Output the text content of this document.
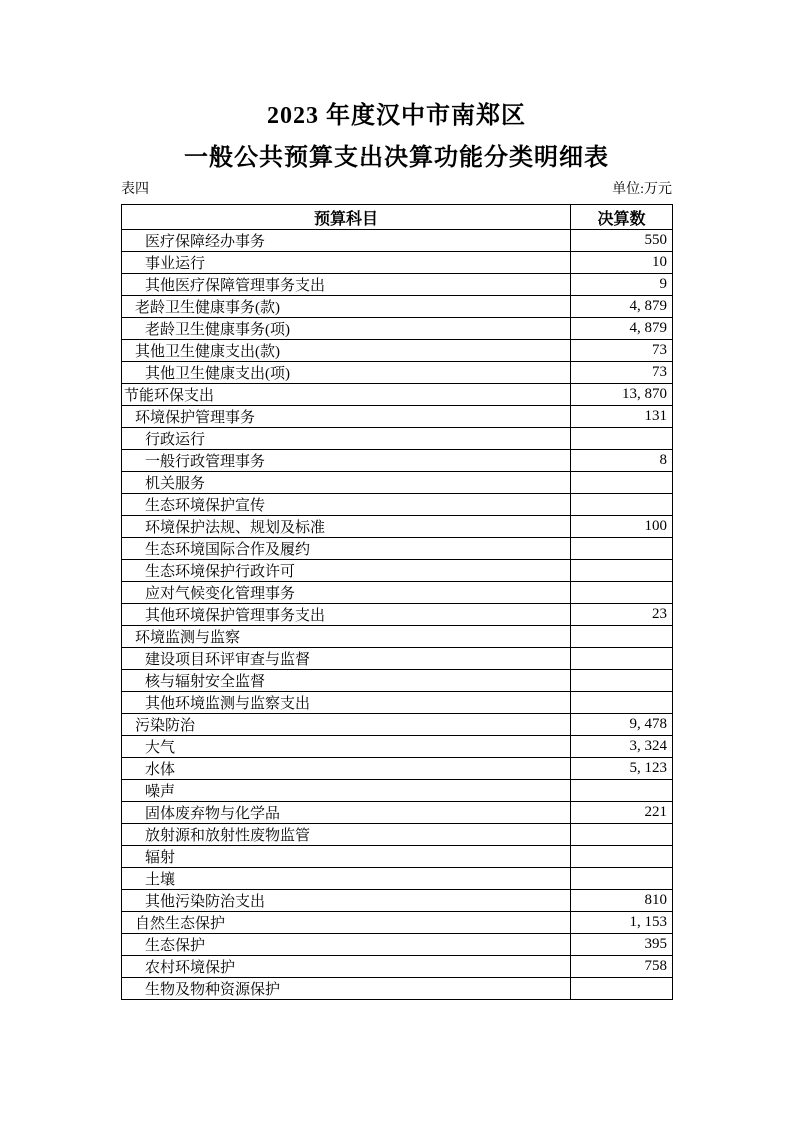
2023 年度汉中市南郑区
一般公共预算支出决算功能分类明细表
表四	单位:万元
预算科目	决算数
医疗保障经办事务	550
事业运行	10
其他医疗保障管理事务支出	9
老龄卫生健康事务(款)	4, 879
老龄卫生健康事务(项)	4, 879
其他卫生健康支出(款)	73
其他卫生健康支出(项)	73
节能环保支出	13, 870
环境保护管理事务	131
行政运行	
一般行政管理事务	8
机关服务	
生态环境保护宣传	
环境保护法规、规划及标准	100
生态环境国际合作及履约	
生态环境保护行政许可	
应对气候变化管理事务	
其他环境保护管理事务支出	23
环境监测与监察	
建设项目环评审查与监督	
核与辐射安全监督	
其他环境监测与监察支出	
污染防治	9, 478
大气	3, 324
水体	5, 123
噪声	
固体废弃物与化学品	221
放射源和放射性废物监管	
辐射	
土壤	
其他污染防治支出	810
自然生态保护	1, 153
生态保护	395
农村环境保护	758
生物及物种资源保护	
